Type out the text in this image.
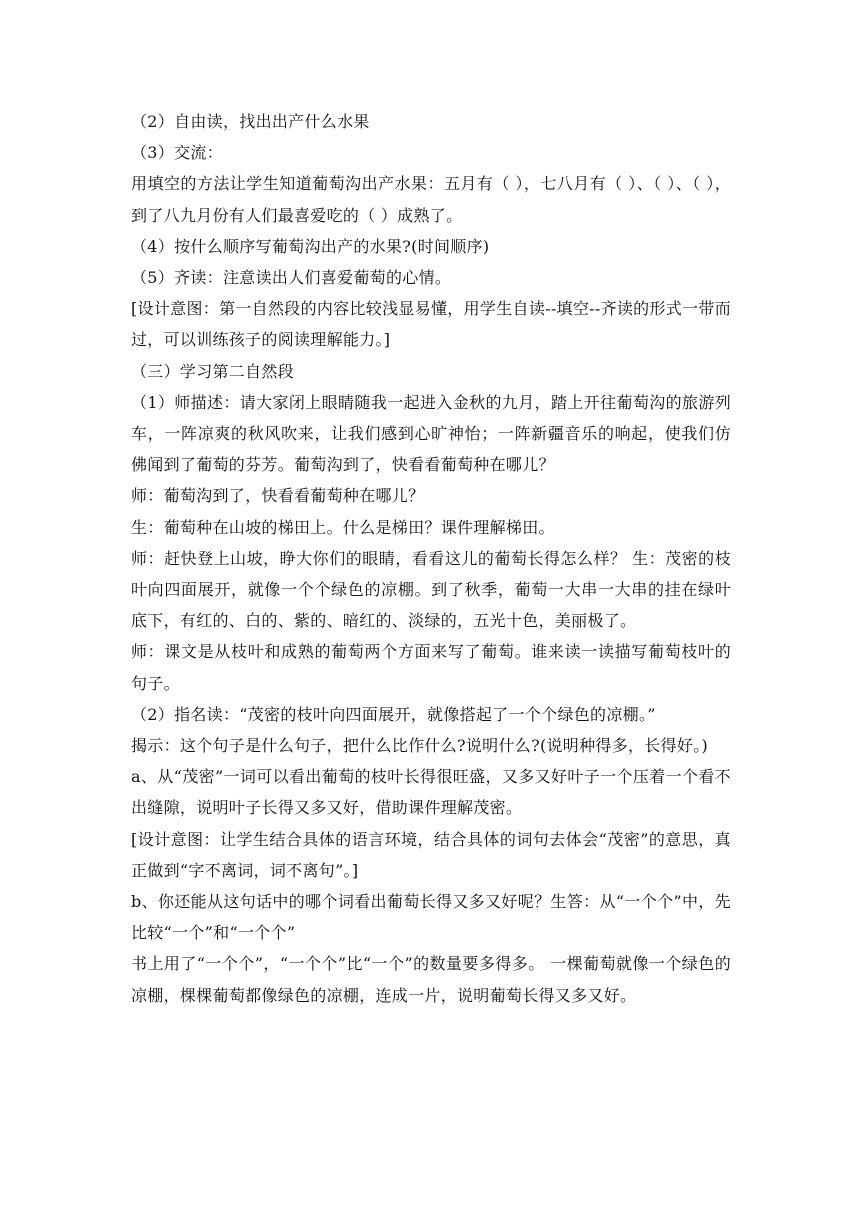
（2）自由读，找出出产什么水果

（3）交流：

用填空的方法让学生知道葡萄沟出产水果：五月有（ ），七八月有（ ）、（ ）、（ ），到了八九月份有人们最喜爱吃的（ ）成熟了。

（4）按什么顺序写葡萄沟出产的水果?(时间顺序)

（5）齐读：注意读出人们喜爱葡萄的心情。

[设计意图：第一自然段的内容比较浅显易懂，用学生自读--填空--齐读的形式一带而过，可以训练孩子的阅读理解能力。]

（三）学习第二自然段

（1）师描述：请大家闭上眼睛随我一起进入金秋的九月，踏上开往葡萄沟的旅游列车，一阵凉爽的秋风吹来，让我们感到心旷神怡；一阵新疆音乐的响起，使我们仿佛闻到了葡萄的芬芳。葡萄沟到了，快看看葡萄种在哪儿？

师：葡萄沟到了，快看看葡萄种在哪儿？

生：葡萄种在山坡的梯田上。什么是梯田？课件理解梯田。

师：赶快登上山坡，睁大你们的眼睛，看看这儿的葡萄长得怎么样？ 生：茂密的枝叶向四面展开，就像一个个绿色的凉棚。到了秋季，葡萄一大串一大串的挂在绿叶底下，有红的、白的、紫的、暗红的、淡绿的，五光十色，美丽极了。

师：课文是从枝叶和成熟的葡萄两个方面来写了葡萄。谁来读一读描写葡萄枝叶的句子。

（2）指名读：“茂密的枝叶向四面展开，就像搭起了一个个绿色的凉棚。”

揭示：这个句子是什么句子，把什么比作什么?说明什么?(说明种得多，长得好。)

a、从“茂密”一词可以看出葡萄的枝叶长得很旺盛，又多又好叶子一个压着一个看不出缝隙，说明叶子长得又多又好，借助课件理解茂密。

[设计意图：让学生结合具体的语言环境，结合具体的词句去体会“茂密”的意思，真正做到“字不离词，词不离句”。]

b、你还能从这句话中的哪个词看出葡萄长得又多又好呢？生答：从“一个个”中，先比较“一个”和“一个个”

书上用了“一个个”，“一个个”比“一个”的数量要多得多。 一棵葡萄就像一个绿色的凉棚，棵棵葡萄都像绿色的凉棚，连成一片，说明葡萄长得又多又好。
